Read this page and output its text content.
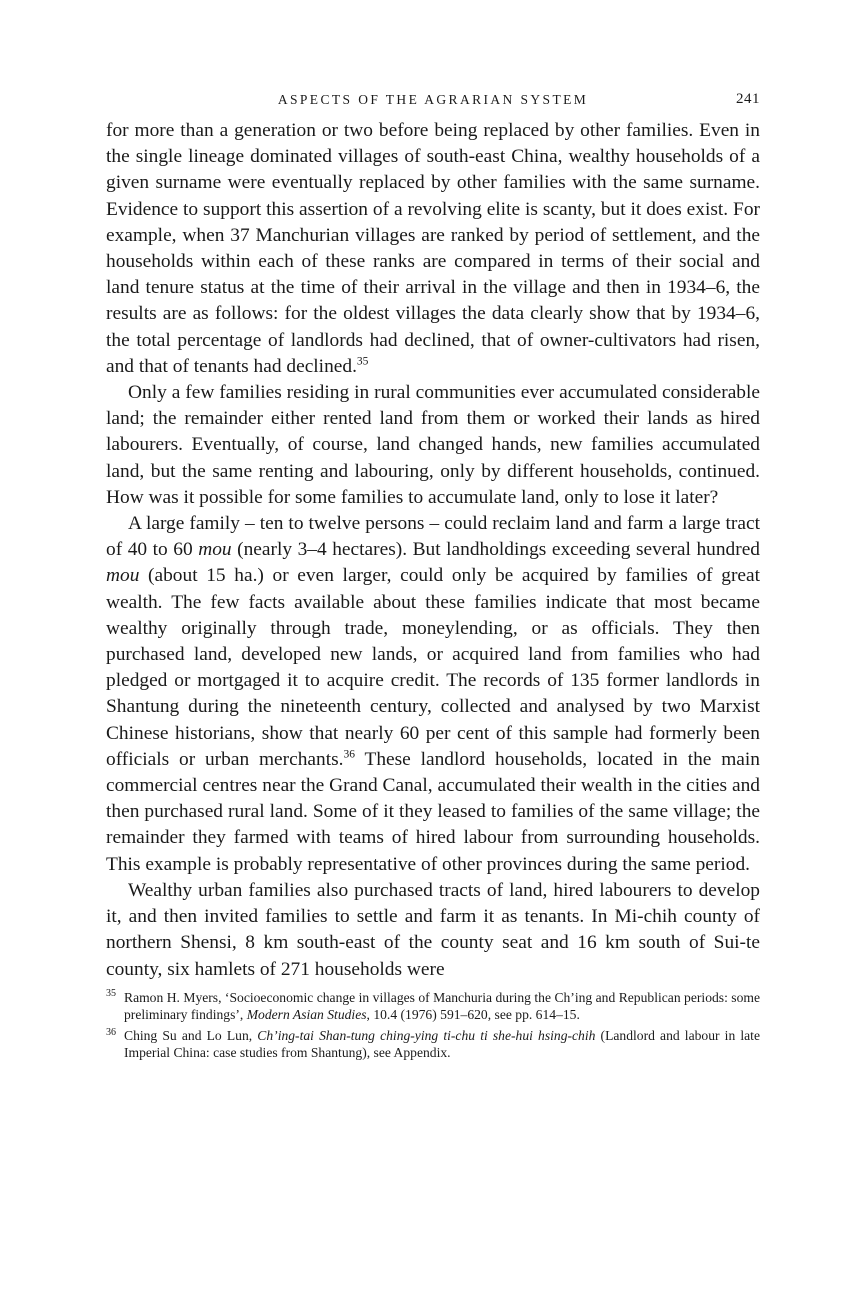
ASPECTS OF THE AGRARIAN SYSTEM	241

for more than a generation or two before being replaced by other families. Even in the single lineage dominated villages of south-east China, wealthy households of a given surname were eventually replaced by other families with the same surname. Evidence to support this assertion of a revolving elite is scanty, but it does exist. For example, when 37 Manchurian villages are ranked by period of settlement, and the households within each of these ranks are compared in terms of their social and land tenure status at the time of their arrival in the village and then in 1934–6, the results are as follows: for the oldest villages the data clearly show that by 1934–6, the total percentage of landlords had declined, that of owner-cultivators had risen, and that of tenants had declined.$^{35}$

Only a few families residing in rural communities ever accumulated considerable land; the remainder either rented land from them or worked their lands as hired labourers. Eventually, of course, land changed hands, new families accumulated land, but the same renting and labouring, only by different households, continued. How was it possible for some families to accumulate land, only to lose it later?

A large family – ten to twelve persons – could reclaim land and farm a large tract of 40 to 60 mou (nearly 3–4 hectares). But landholdings exceeding several hundred mou (about 15 ha.) or even larger, could only be acquired by families of great wealth. The few facts available about these families indicate that most became wealthy originally through trade, moneylending, or as officials. They then purchased land, developed new lands, or acquired land from families who had pledged or mortgaged it to acquire credit. The records of 135 former landlords in Shantung during the nineteenth century, collected and analysed by two Marxist Chinese historians, show that nearly 60 per cent of this sample had formerly been officials or urban merchants.$^{36}$ These landlord households, located in the main commercial centres near the Grand Canal, accumulated their wealth in the cities and then purchased rural land. Some of it they leased to families of the same village; the remainder they farmed with teams of hired labour from surrounding households. This example is probably representative of other provinces during the same period.

Wealthy urban families also purchased tracts of land, hired labourers to develop it, and then invited families to settle and farm it as tenants. In Mi-chih county of northern Shensi, 8 km south-east of the county seat and 16 km south of Sui-te county, six hamlets of 271 households were

35 Ramon H. Myers, ‘Socioeconomic change in villages of Manchuria during the Ch’ing and Republican periods: some preliminary findings’, Modern Asian Studies, 10.4 (1976) 591–620, see pp. 614–15.

36 Ching Su and Lo Lun, Ch’ing-tai Shan-tung ching-ying ti-chu ti she-hui hsing-chih (Landlord and labour in late Imperial China: case studies from Shantung), see Appendix.
